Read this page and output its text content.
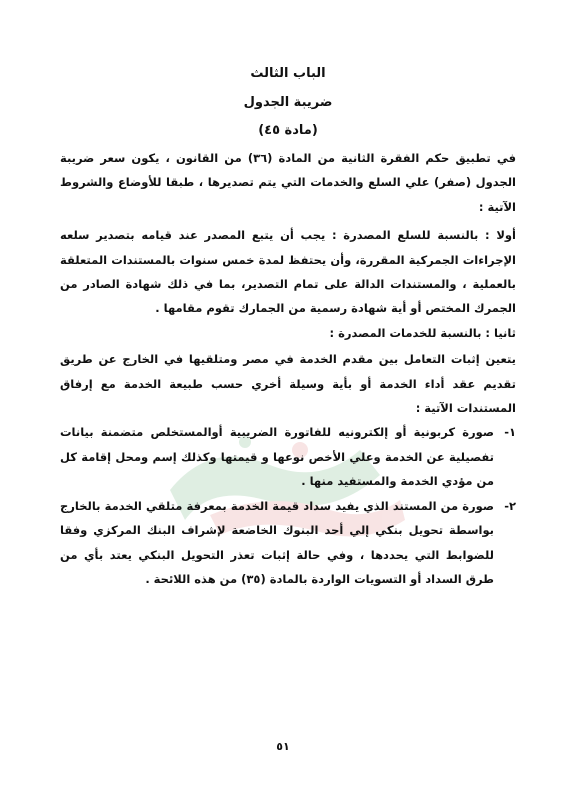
الباب الثالث

ضريبة الجدول

(مادة ٤٥)

في تطبيق حكم الفقرة الثانية من المادة (٣٦) من القانون ، يكون سعر ضريبة الجدول (صفر) علي السلع والخدمات التي يتم تصديرها ، طبقا للأوضاع والشروط الآتية :

أولا : بالنسبة للسلع المصدرة : يجب أن يتبع المصدر عند قيامه بتصدير سلعه الإجراءات الجمركية المقررة، وأن يحتفظ لمدة خمس سنوات بالمستندات المتعلقة بالعملية ، والمستندات الدالة على تمام التصدير، بما في ذلك شهادة الصادر من الجمرك المختص أو أية شهادة رسمية من الجمارك تقوم مقامها .

ثانيا : بالنسبة للخدمات المصدرة :

يتعين إثبات التعامل بين مقدم الخدمة في مصر ومتلقيها في الخارج عن طريق تقديم عقد أداء الخدمة أو بأية وسيلة أخري حسب طبيعة الخدمة مع إرفاق المستندات الآتية :

١-
صورة كربونية أو إلكترونيه للفاتورة الضريبية أوالمستخلص متضمنة بيانات تفصيلية عن الخدمة وعلي الأخص نوعها و قيمتها وكذلك إسم ومحل إقامة كل من مؤدي الخدمة والمستفيد منها .
٢-
صورة من المستند الذي يفيد سداد قيمة الخدمة بمعرفة متلقي الخدمة بالخارج بواسطة تحويل بنكي إلي أحد البنوك الخاضعة لإشراف البنك المركزي وفقا للضوابط التي يحددها ، وفي حالة إثبات تعذر التحويل البنكي يعتد بأي من طرق السداد أو التسويات الواردة بالمادة (٣٥) من هذه اللائحة .
٥١
